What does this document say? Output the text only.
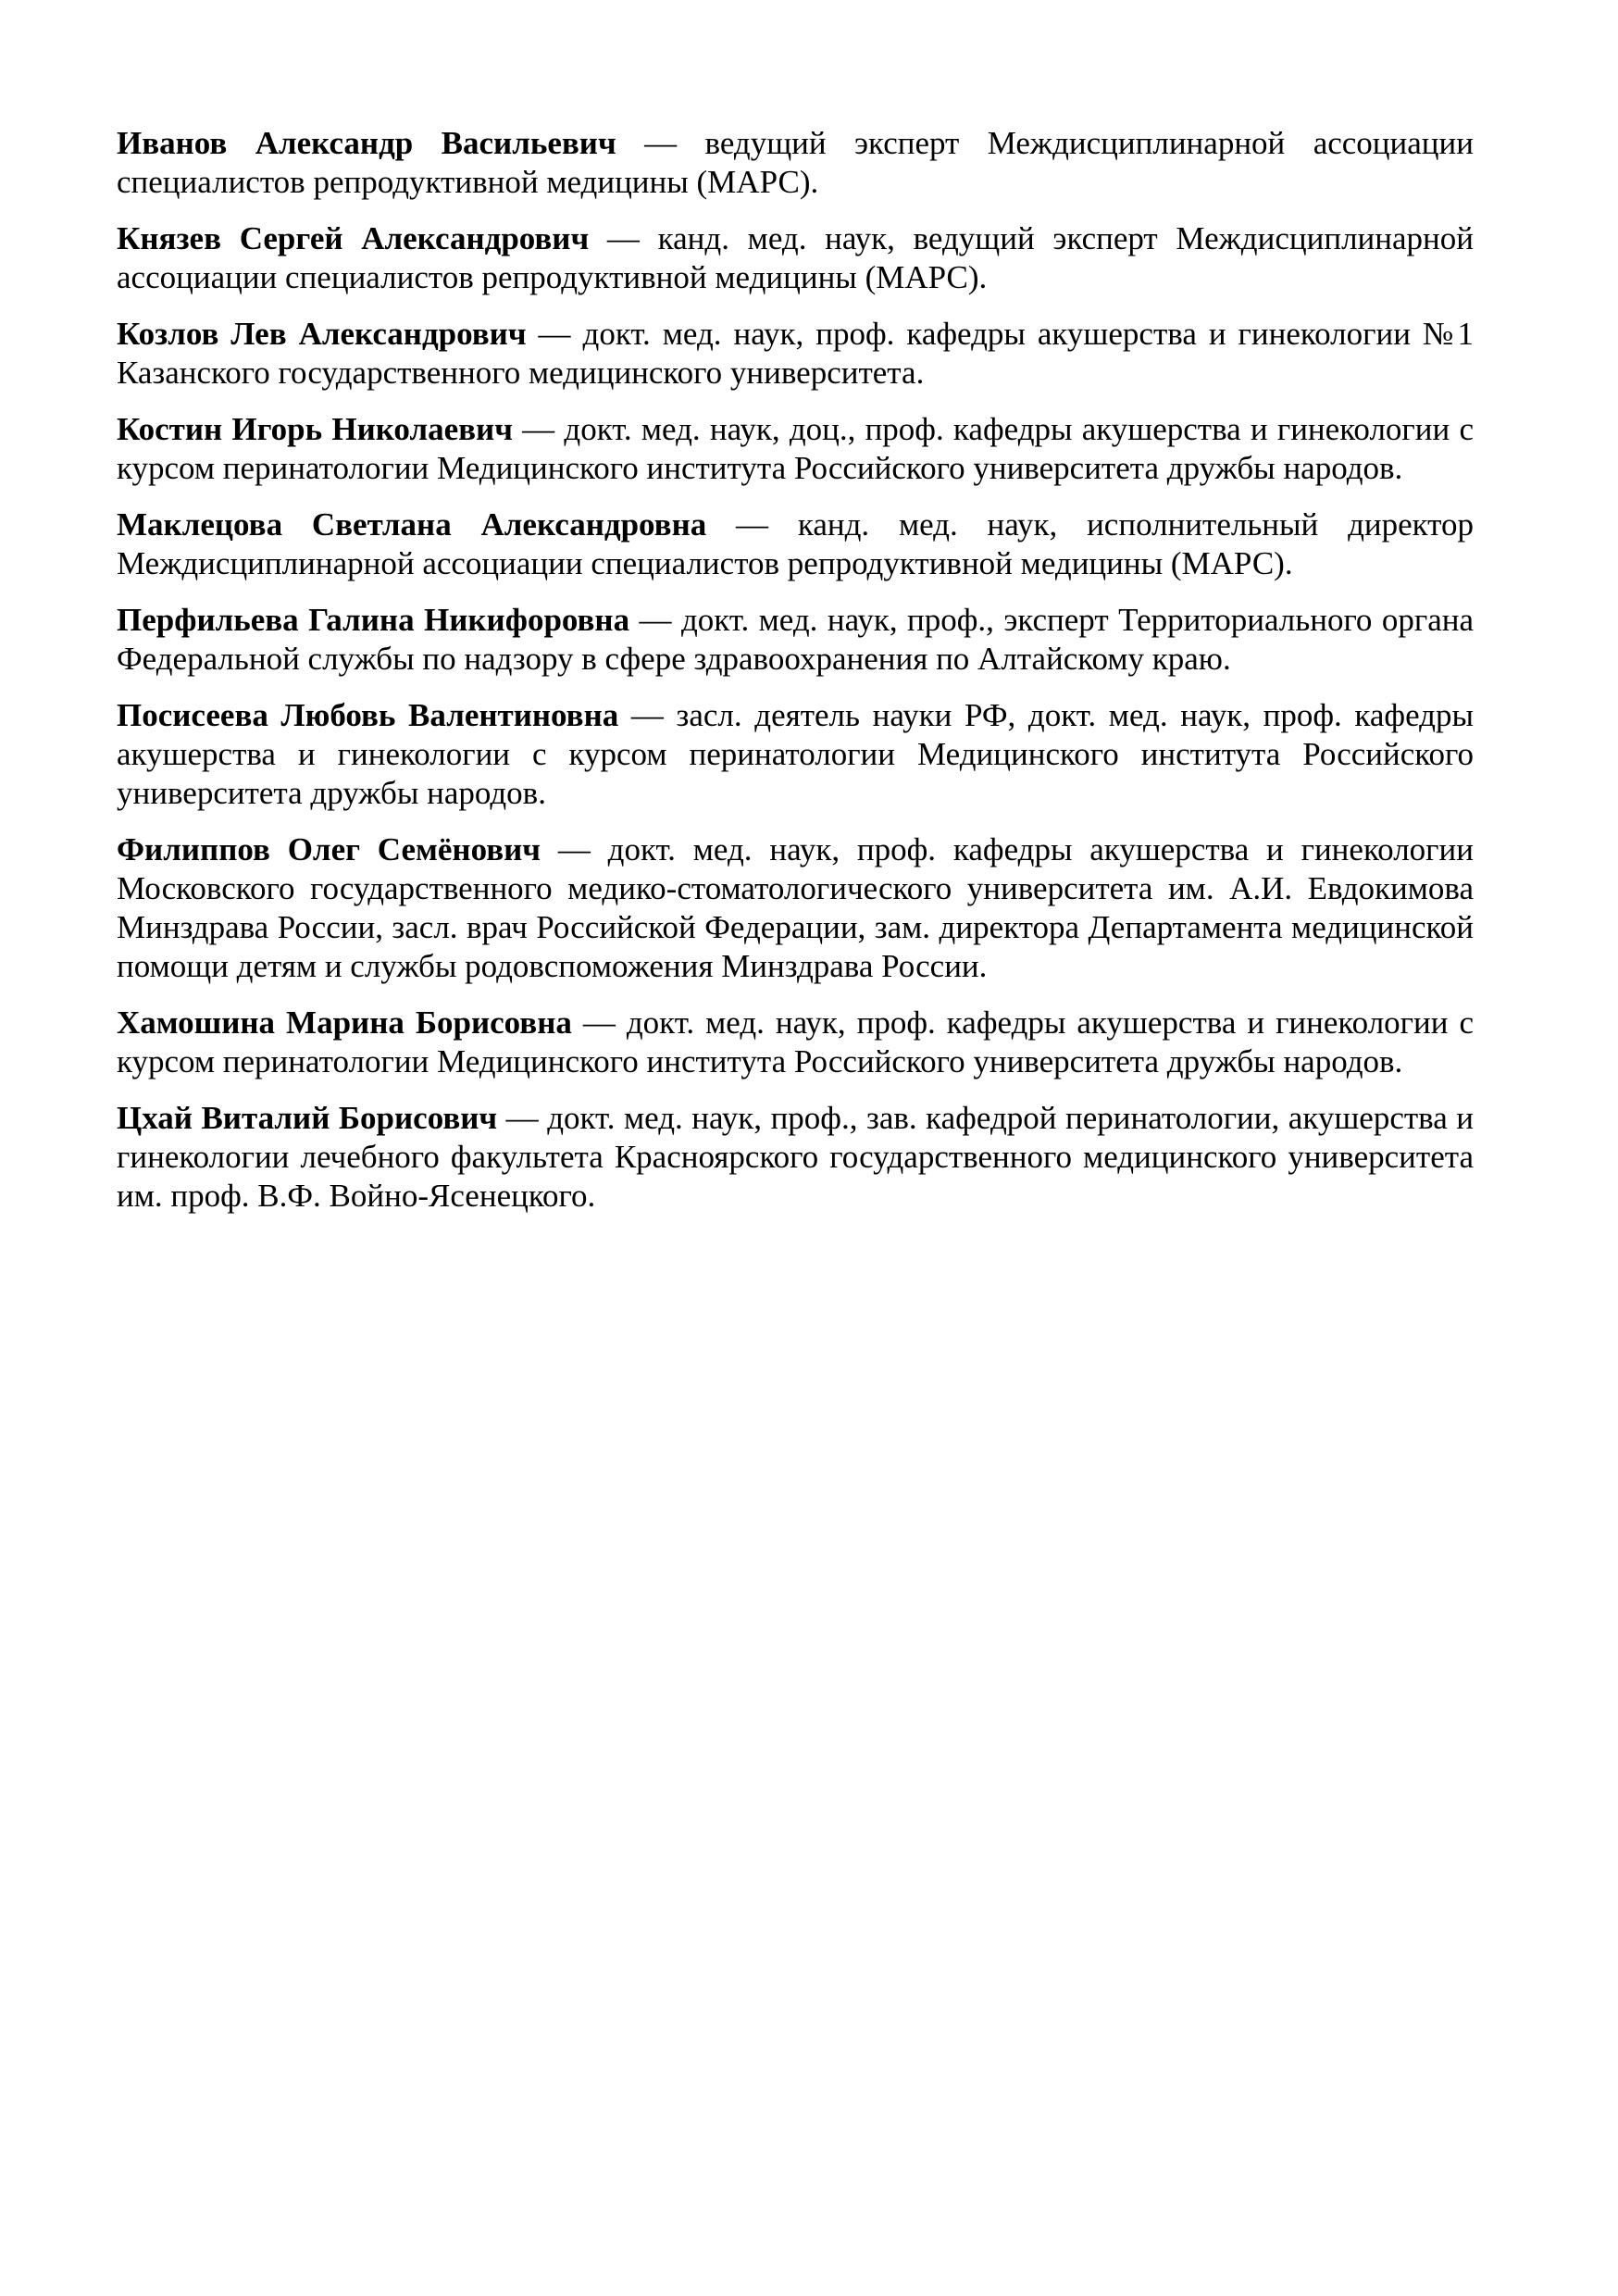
Иванов Александр Васильевич — ведущий эксперт Междисциплинарной ассоциации специалистов репродуктивной медицины (МАРС).

Князев Сергей Александрович — канд. мед. наук, ведущий эксперт Междисциплинарной ассоциации специалистов репродуктивной медицины (МАРС).

Козлов Лев Александрович — докт. мед. наук, проф. кафедры акушерства и гинекологии №1 Казанского государственного медицинского университета.

Костин Игорь Николаевич — докт. мед. наук, доц., проф. кафедры акушерства и гинекологии с курсом перинатологии Медицинского института Российского университета дружбы народов.

Маклецова Светлана Александровна — канд. мед. наук, исполнительный директор Междисциплинарной ассоциации специалистов репродуктивной медицины (МАРС).

Перфильева Галина Никифоровна — докт. мед. наук, проф., эксперт Территориального органа Федеральной службы по надзору в сфере здравоохранения по Алтайскому краю.

Посисеева Любовь Валентиновна — засл. деятель науки РФ, докт. мед. наук, проф. кафедры акушерства и гинекологии с курсом перинатологии Медицинского института Российского университета дружбы народов.

Филиппов Олег Семёнович — докт. мед. наук, проф. кафедры акушерства и гинекологии Московского государственного медико-стоматологического университета им. А.И. Евдокимова Минздрава России, засл. врач Российской Федерации, зам. директора Департамента медицинской помощи детям и службы родовспоможения Минздрава России.

Хамошина Марина Борисовна — докт. мед. наук, проф. кафедры акушерства и гинекологии с курсом перинатологии Медицинского института Российского университета дружбы народов.

Цхай Виталий Борисович — докт. мед. наук, проф., зав. кафедрой перинатологии, акушерства и гинекологии лечебного факультета Красноярского государственного медицинского университета им. проф. В.Ф. Войно-Ясенецкого.
